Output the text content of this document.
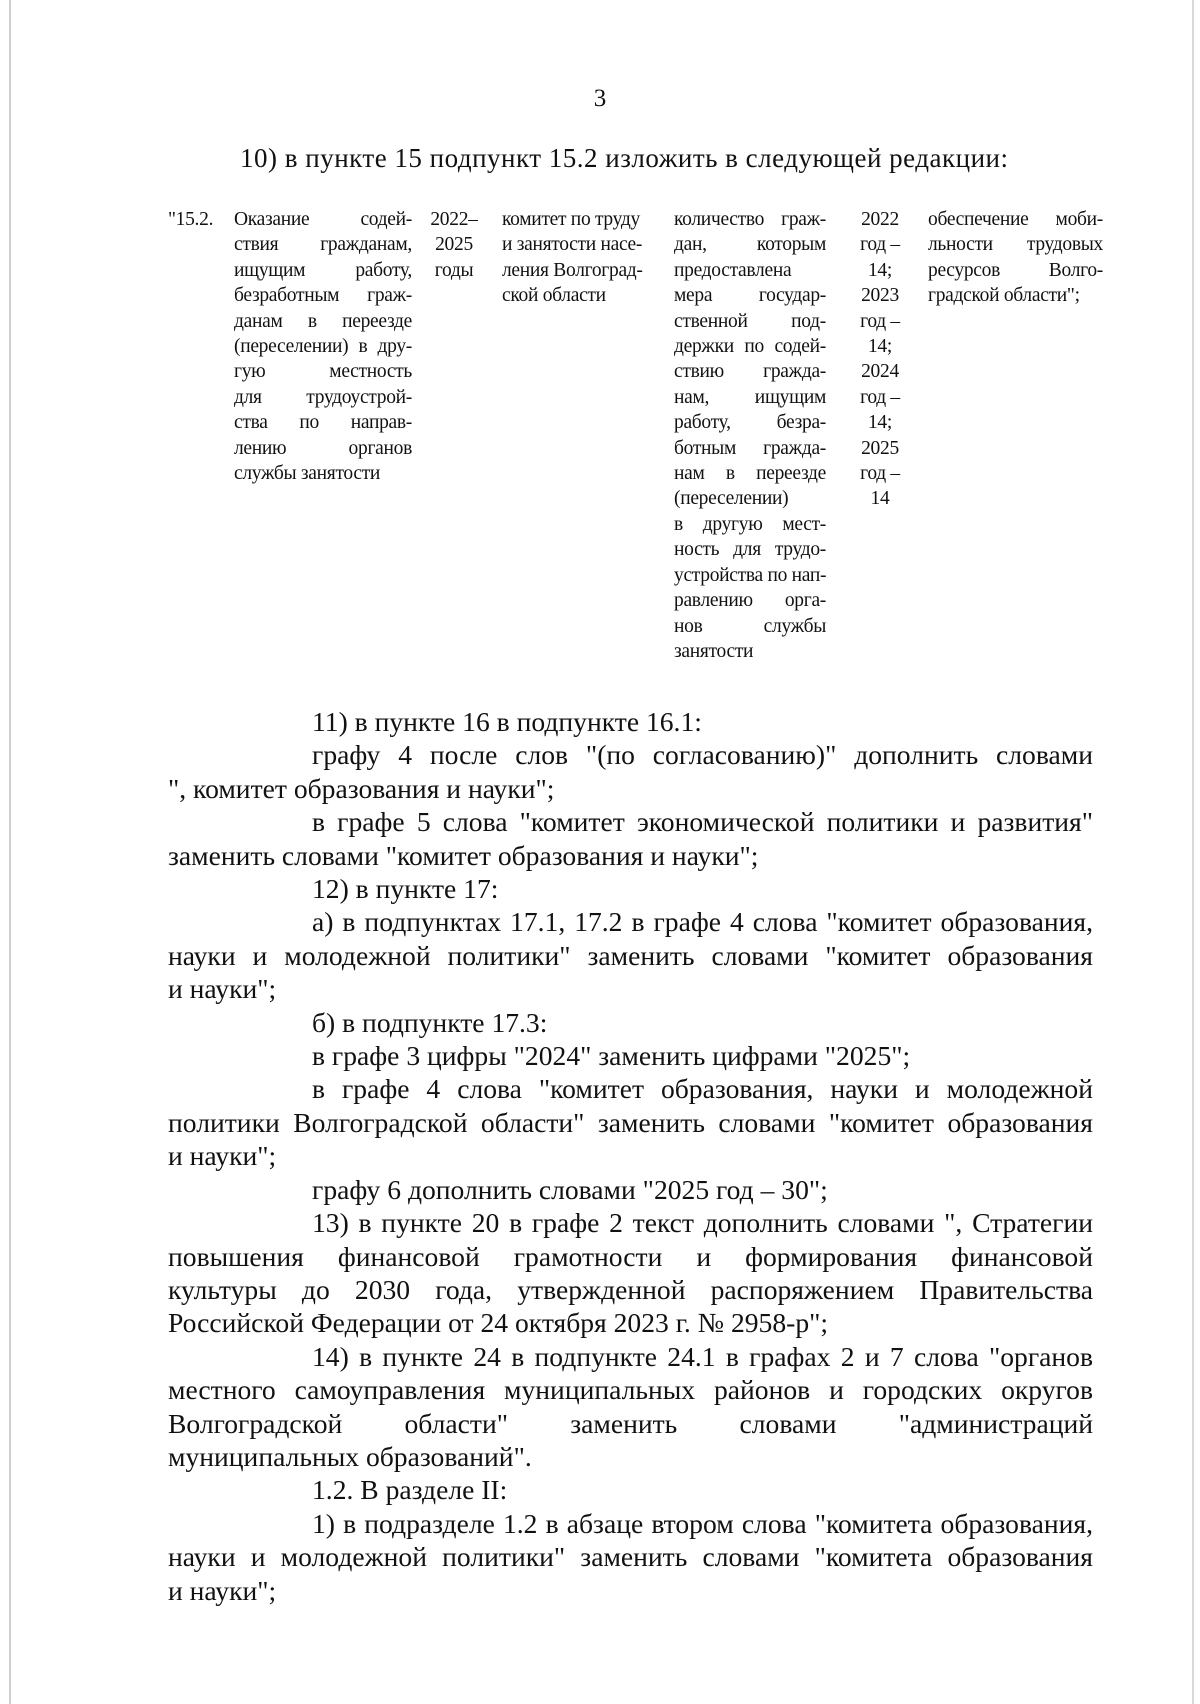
3
10) в пункте 15 подпункт 15.2 изложить в следующей редакции:
"15.2.	Оказание содей-
ствия гражданам,
ищущим работу,
безработным граж-
данам в переезде
(переселении) в дру-
гую местность
для трудоустрой-
ства по направ-
лению органов
службы занятости
2022–
2025
годы
комитет по труду
и занятости насе-
ления Волгоград-
ской области
количество граж-
дан, которым
предоставлена
мера государ-
ственной под-
держки по содей-
ствию гражда-
нам, ищущим
работу, безра-
ботным гражда-
нам в переезде
(переселении)
в другую мест-
ность для трудо-
устройства по нап-
равлению орга-
нов службы
занятости
2022
год –
14;
2023
год –
14;
2024
год –
14;
2025
год –
14
обеспечение моби-
льности трудовых
ресурсов Волго-
градской области";
11) в пункте 16 в подпункте 16.1:
графу 4 после слов "(по согласованию)" дополнить словами
", комитет образования и науки";
в графе 5 слова "комитет экономической политики и развития"
заменить словами "комитет образования и науки";
12) в пункте 17:
а) в подпунктах 17.1, 17.2 в графе 4 слова "комитет образования,
науки и молодежной политики" заменить словами "комитет образования
и науки";
б) в подпункте 17.3:
в графе 3 цифры "2024" заменить цифрами "2025";
в графе 4 слова "комитет образования, науки и молодежной
политики Волгоградской области" заменить словами "комитет образования
и науки";
графу 6 дополнить словами "2025 год – 30";
13) в пункте 20 в графе 2 текст дополнить словами ", Стратегии
повышения финансовой грамотности и формирования финансовой
культуры до 2030 года, утвержденной распоряжением Правительства
Российской Федерации от 24 октября 2023 г. № 2958-р";
14) в пункте 24 в подпункте 24.1 в графах 2 и 7 слова "органов
местного самоуправления муниципальных районов и городских округов
Волгоградской области" заменить словами "администраций
муниципальных образований".
1.2. В разделе II:
1) в подразделе 1.2 в абзаце втором слова "комитета образования,
науки и молодежной политики" заменить словами "комитета образования
и науки";
